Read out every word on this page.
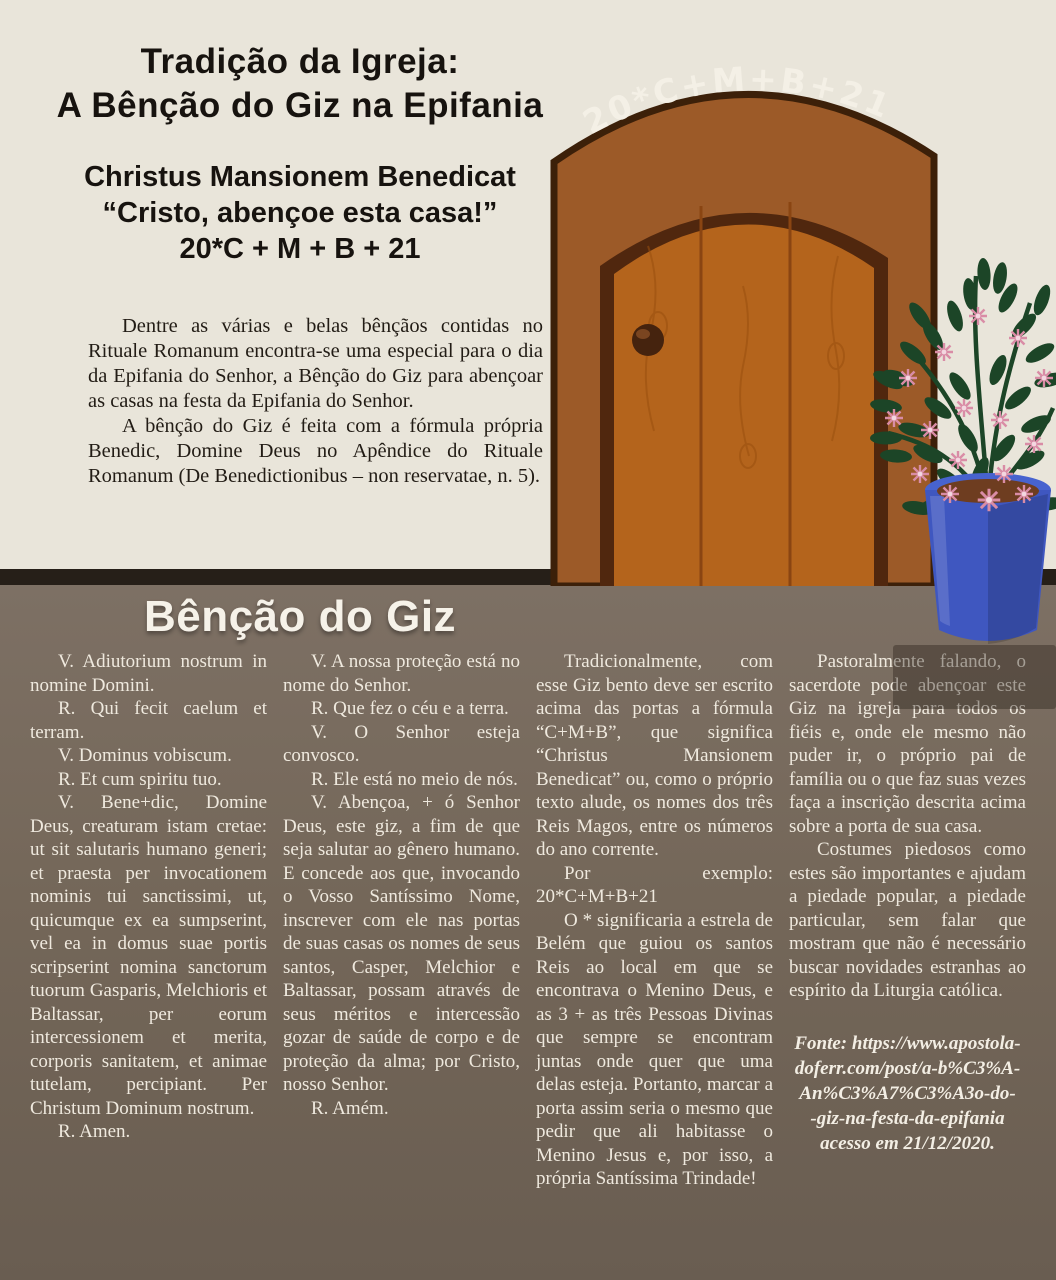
Tradição da Igreja:
A Bênção do Giz na Epifania
Christus Mansionem Benedicat
“Cristo, abençoe esta casa!”
20*C + M + B + 21

Dentre as várias e belas bênçãos contidas no Rituale Romanum encontra-se uma especial para o dia da Epifania do Senhor, a Bênção do Giz para abençoar as casas na festa da Epifania do Senhor.

A bênção do Giz é feita com a fórmula própria Benedic, Domine Deus no Apêndice do Rituale Romanum (De Benedictionibus – non reservatae, n. 5).

20*C+M+B+21
Bênção do Giz

V. Adiutorium nostrum in nomine Domini.

R. Qui fecit caelum et terram.

V. Dominus vobiscum.

R. Et cum spiritu tuo.

V. Bene+dic, Domine Deus, creaturam istam cretae: ut sit salutaris humano generi; et praesta per invocationem nominis tui sanctissimi, ut, quicumque ex ea sumpserint, vel ea in domus suae portis scripserint nomina sanctorum tuorum Gasparis, Melchioris et Baltassar, per eorum intercessionem et merita, corporis sanitatem, et animae tutelam, percipiant. Per Christum Dominum nostrum.

R. Amen.

V. A nossa proteção está no nome do Senhor.

R. Que fez o céu e a terra.

V. O Senhor esteja convosco.

R. Ele está no meio de nós.

V. Abençoa, + ó Senhor Deus, este giz, a fim de que seja salutar ao gênero humano. E concede aos que, invocando o Vosso Santíssimo Nome, inscrever com ele nas portas de suas casas os nomes de seus santos, Casper, Melchior e Baltassar, possam através de seus méritos e intercessão gozar de saúde de corpo e de proteção da alma; por Cristo, nosso Senhor.

R. Amém.

Tradicionalmente, com esse Giz bento deve ser escrito acima das portas a fórmula “C+M+B”, que significa “Christus Mansionem Benedicat” ou, como o próprio texto alude, os nomes dos três Reis Magos, entre os números do ano corrente.

Por exemplo:

20*C+M+B+21

O * significaria a estrela de Belém que guiou os santos Reis ao local em que se encontrava o Menino Deus, e as 3 + as três Pessoas Divinas que sempre se encontram juntas onde quer que uma delas esteja. Portanto, marcar a porta assim seria o mesmo que pedir que ali habitasse o Menino Jesus e, por isso, a própria Santíssima Trindade!

Pastoralmente falando, o sacerdote pode abençoar este Giz na igreja para todos os fiéis e, onde ele mesmo não puder ir, o próprio pai de família ou o que faz suas vezes faça a inscrição descrita acima sobre a porta de sua casa.

Costumes piedosos como estes são importantes e ajudam a piedade popular, a piedade particular, sem falar que mostram que não é necessário buscar novidades estranhas ao espírito da Liturgia católica.

Fonte: https://www.apostola-
doferr.com/post/a-b%C3%A-
An%C3%A7%C3%A3o-do-
-giz-na-festa-da-epifania
acesso em 21/12/2020.
